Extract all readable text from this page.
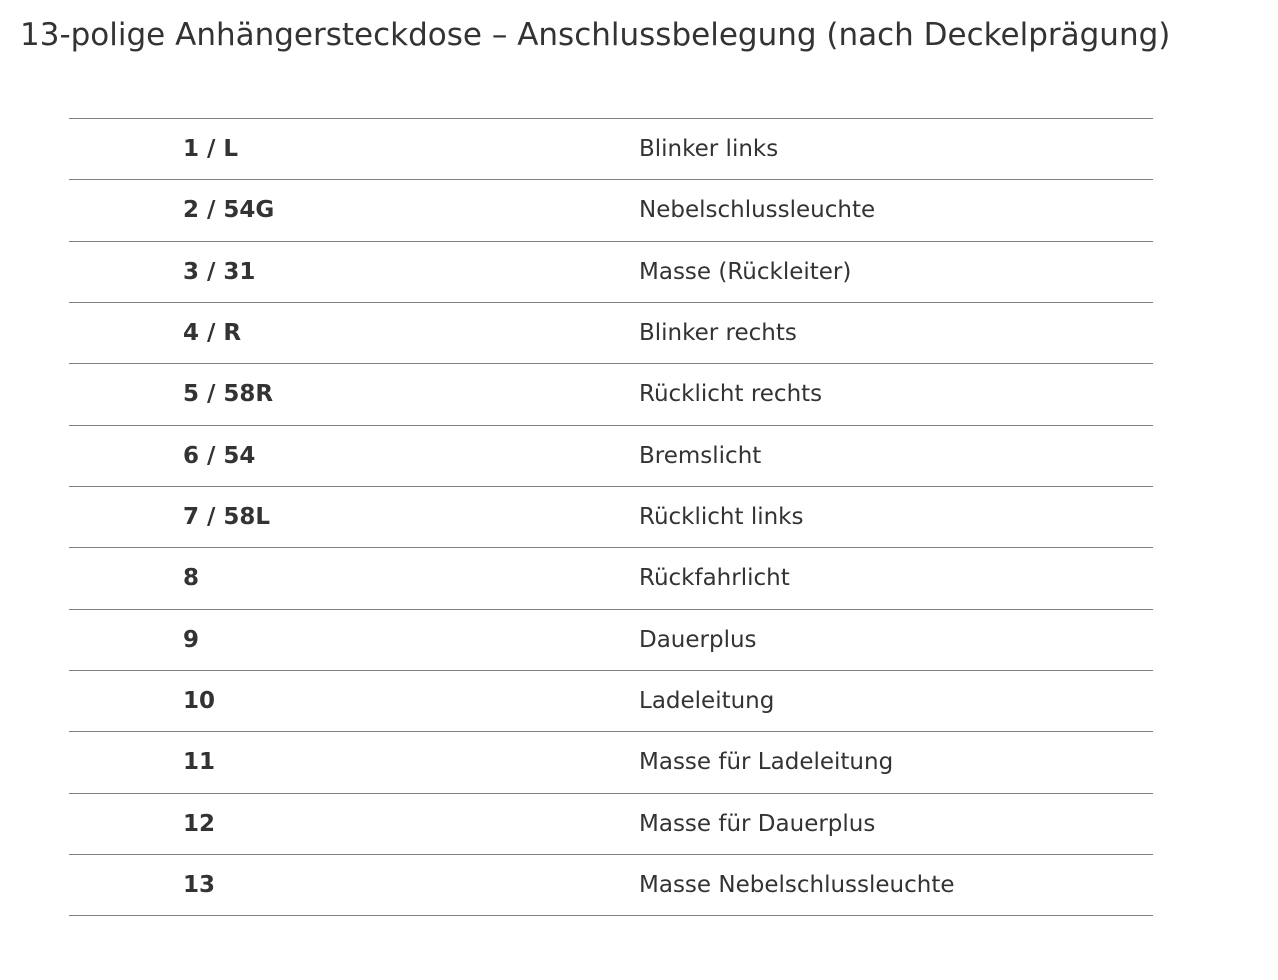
13-polige Anhängersteckdose – Anschlussbelegung (nach Deckelprägung)
1 / L	Blinker links
2 / 54G	Nebelschlussleuchte
3 / 31	Masse (Rückleiter)
4 / R	Blinker rechts
5 / 58R	Rücklicht rechts
6 / 54	Bremslicht
7 / 58L	Rücklicht links
8	Rückfahrlicht
9	Dauerplus
10	Ladeleitung
11	Masse für Ladeleitung
12	Masse für Dauerplus
13	Masse Nebelschlussleuchte
